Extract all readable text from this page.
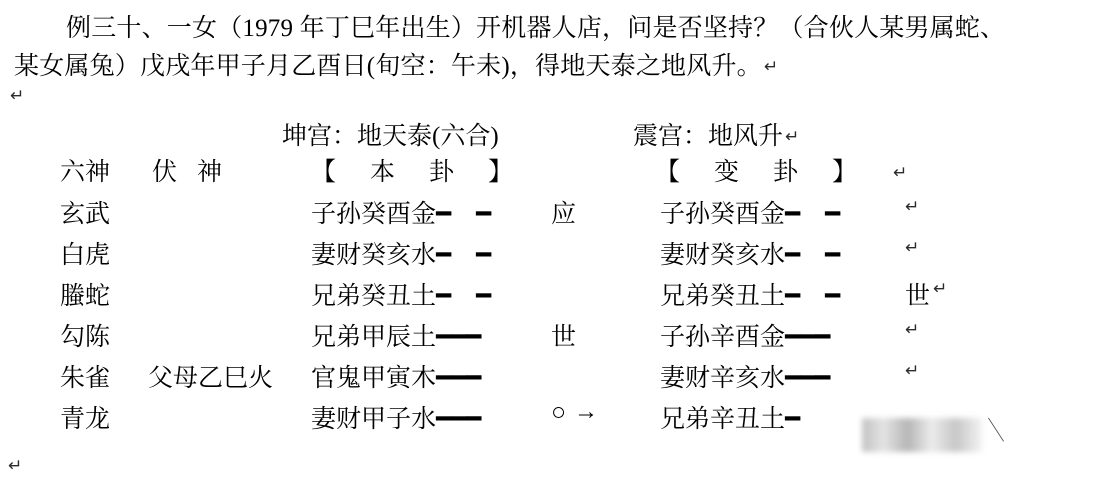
例三十、一女（1979 年丁巳年出生）开机器人店，问是否坚持？（合伙人某男属蛇、
某女属兔）戊戌年甲子月乙酉日(旬空：午未)，得地天泰之地风升。 ↵
↵
坤宫：地天泰(六合)	震宫：地风升 ↵
六神 伏神	【本卦】	【变卦】 ↵
玄武	子孙癸酉金━　━ 应	子孙癸酉金━　━	↵
白虎	妻财癸亥水━　━	妻财癸亥水━　━	↵
螣蛇	兄弟癸丑土━　━	兄弟癸丑土━　━	世 ↵
勾陈	兄弟甲辰土━━━	世	子孙辛酉金━━━	↵
朱雀 父母乙巳火 官鬼甲寅木━━━	妻财辛亥水━━━	↵
青龙	妻财甲子水━━━	○ → 兄弟辛丑土━	＼
↵
